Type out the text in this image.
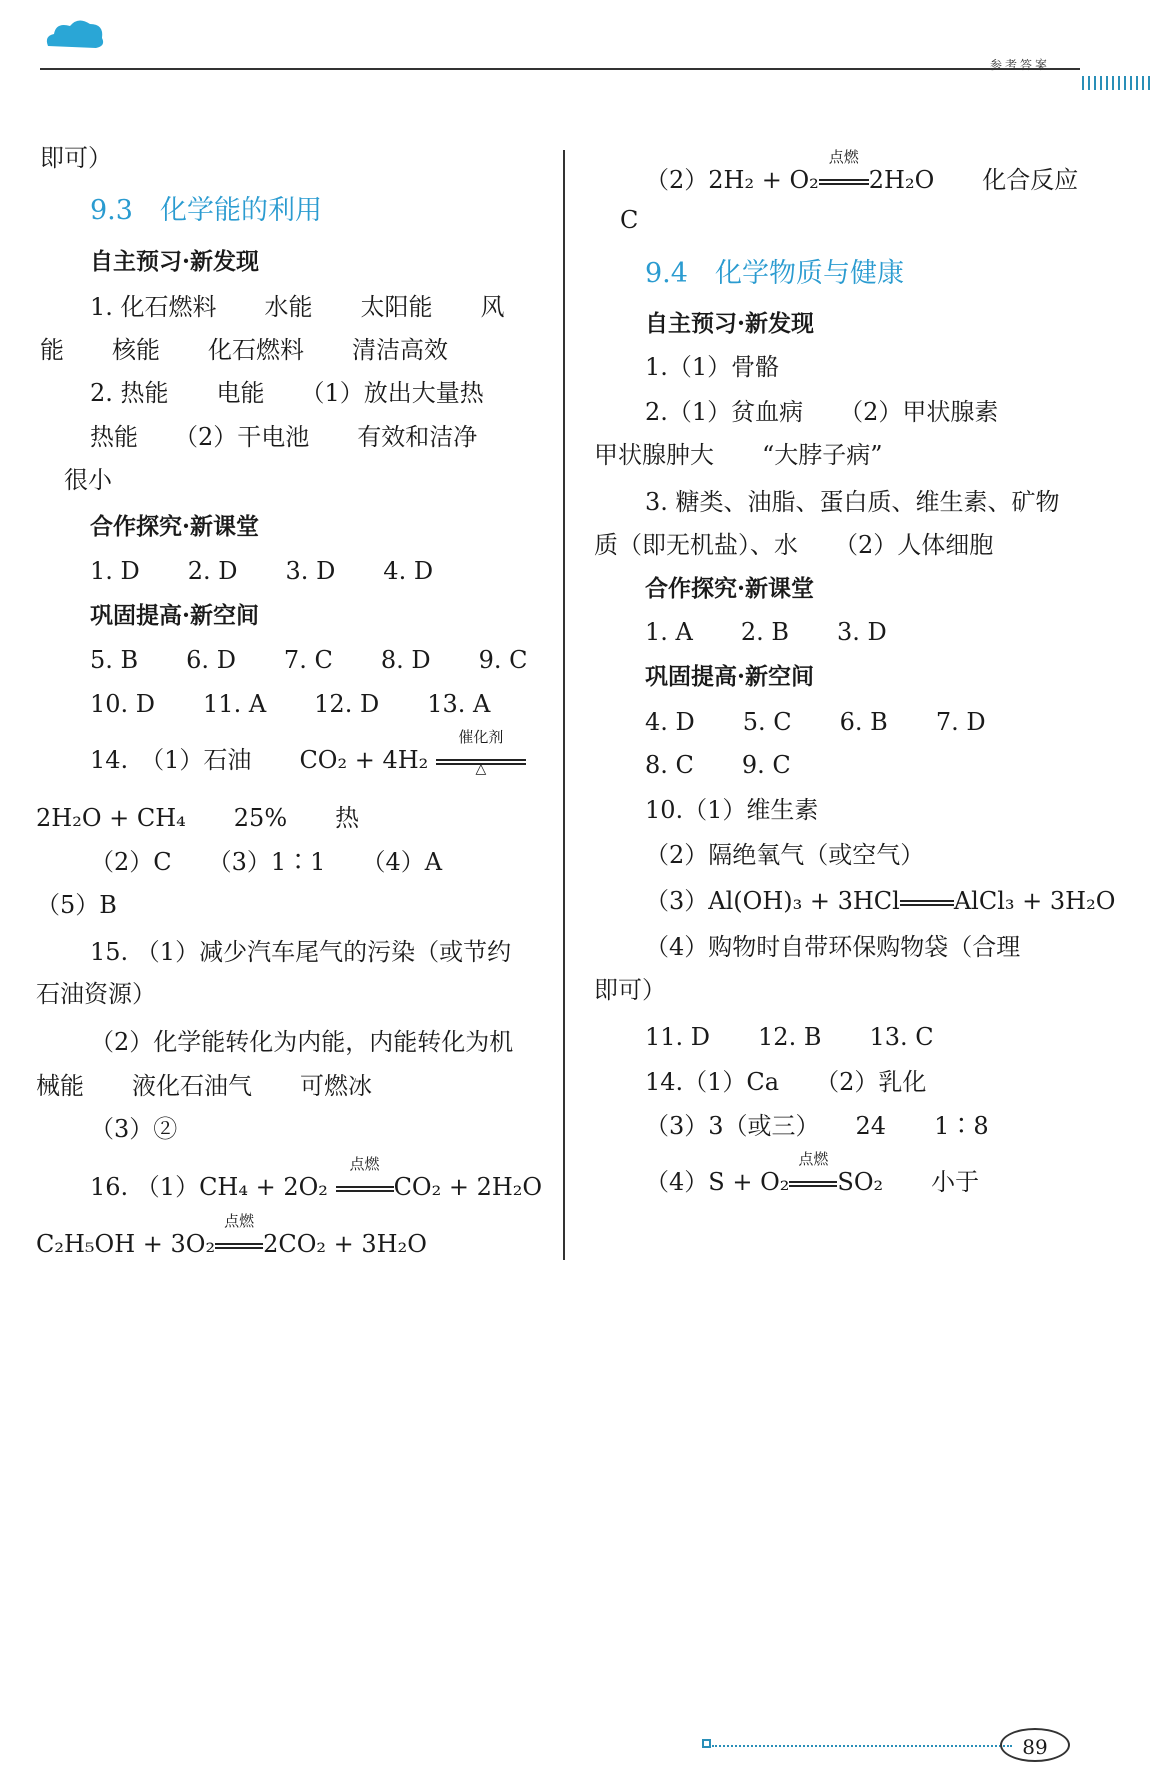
参考答案
即可）
9.3　化学能的利用
自主预习·新发现
1. 化石燃料　　水能　　太阳能　　风
能　　核能　　化石燃料　　清洁高效
2. 热能　　电能　　（1）放出大量热
热能　　（2）干电池　　有效和洁净
很小
合作探究·新课堂
1. D　　2. D　　3. D　　4. D
巩固提高·新空间
5. B　　6. D　　7. C　　8. D　　9. C
10. D　　11. A　　12. D　　13. A
14.　（1）石油　　 CO₂ + 4H₂
催化剂
△
2H₂O + CH₄　　25%　　热
（2）C　　（3）1∶1　　（4）A
（5）B
15. （1）减少汽车尾气的污染（或节约
石油资源）
（2）化学能转化为内能，内能转化为机
械能　　液化石油气　　可燃冰
（3）②
16. （1）CH₄ + 2O₂
点燃
CO₂ + 2H₂O
C₂H₅OH + 3O₂
点燃
2CO₂ + 3H₂O
（2）2H₂ + O₂
点燃
2H₂O　　化合反应
C
9.4　化学物质与健康
自主预习·新发现
1.（1）骨骼
2.（1）贫血病　　（2）甲状腺素
甲状腺肿大　　“大脖子病”
3. 糖类、油脂、蛋白质、维生素、矿物
质（即无机盐）、水　　（2）人体细胞
合作探究·新课堂
1. A　　2. B　　3. D
巩固提高·新空间
4. D　　5. C　　6. B　　7. D
8. C　　9. C
10.（1）维生素
（2）隔绝氧气（或空气）
（3）Al(OH)₃ + 3HCl AlCl₃ + 3H₂O
（4）购物时自带环保购物袋（合理
即可）
11. D　　12. B　　13. C
14.（1）Ca　　（2）乳化
（3）3（或三）　　24　　1∶8
（4）S + O₂
点燃
SO₂　　小于
89
